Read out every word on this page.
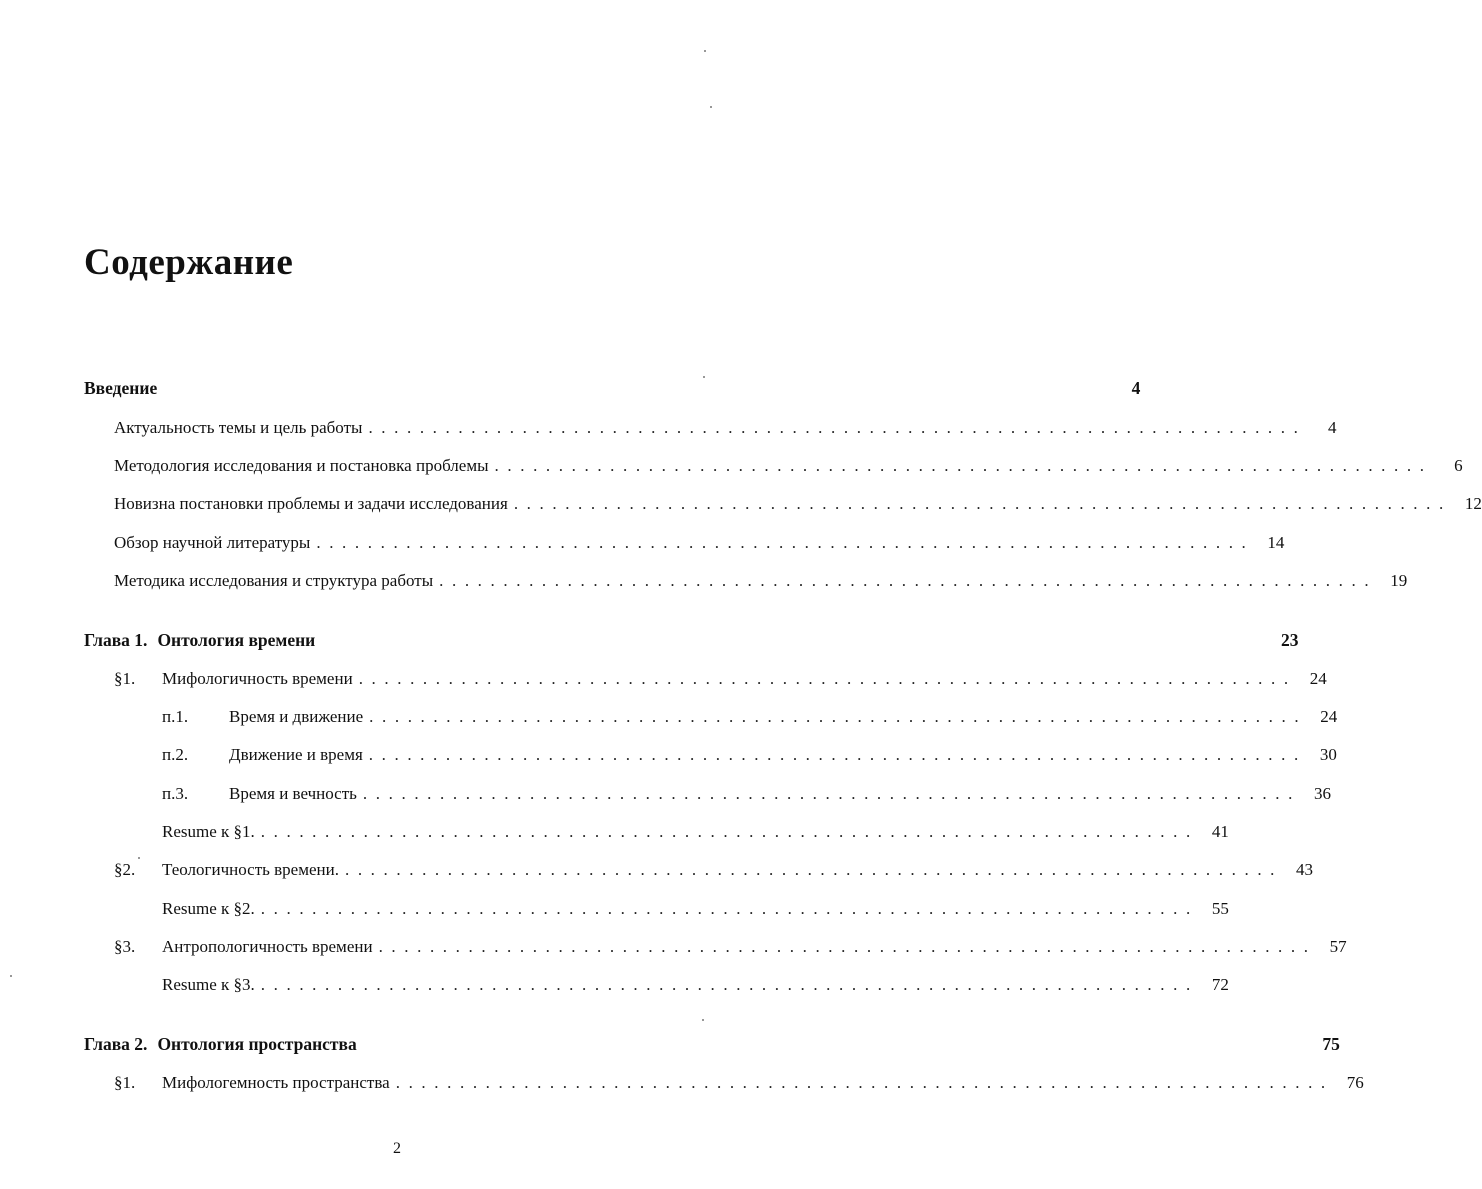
Содержание
Введение	4
Актуальность темы и цель работы .........................................................................	4
Методология исследования и постановка проблемы .........................................................................	6
Новизна постановки проблемы и задачи исследования ......................................................................... 12
Обзор научной литературы ......................................................................... 14
Методика исследования и структура работы ......................................................................... 19
Глава 1. Онтология времени	23
§1.	Мифологичность времени ......................................................................... 24
п.1.	Время и движение ......................................................................... 24
п.2.	Движение и время ......................................................................... 30
п.3.	Время и вечность ......................................................................... 36
Resume к §1. ......................................................................... 41
§2.	Теологичность времени. ......................................................................... 43
Resume к §2. ......................................................................... 55
§3.	Антропологичность времени ......................................................................... 57
Resume к §3. ......................................................................... 72
Глава 2. Онтология пространства	75
§1.	Мифологемность пространства ......................................................................... 76
2
